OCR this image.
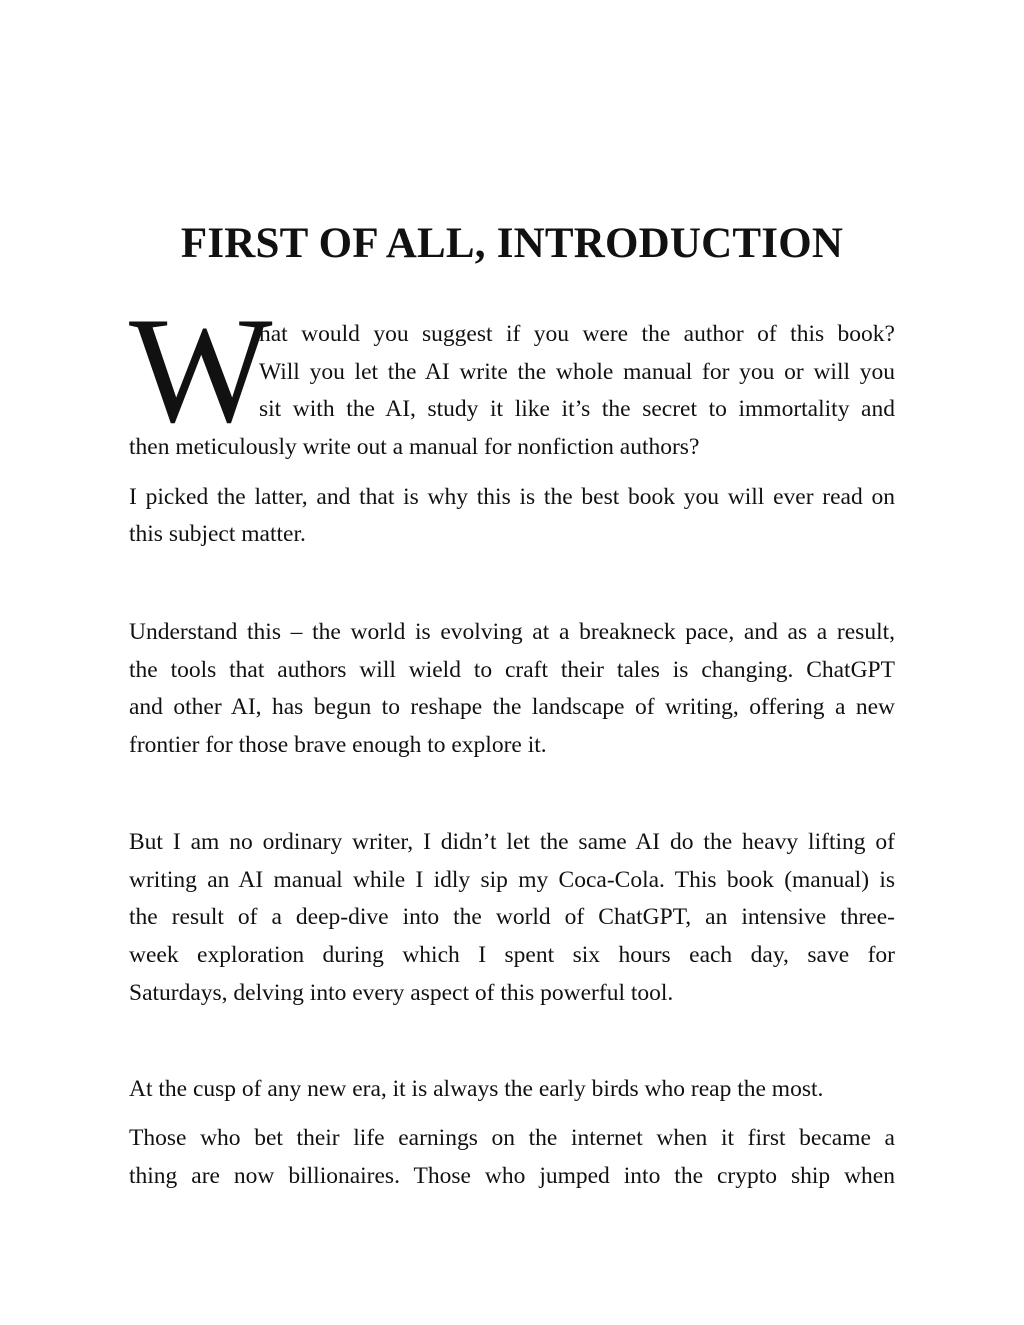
FIRST OF ALL, INTRODUCTION
W

hat would you suggest if you were the author of this book?

Will you let the AI write the whole manual for you or will you

sit with the AI, study it like it’s the secret to immortality and

then meticulously write out a manual for nonfiction authors?

I picked the latter, and that is why this is the best book you will ever read on

this subject matter.

Understand this – the world is evolving at a breakneck pace, and as a result,

the tools that authors will wield to craft their tales is changing. ChatGPT

and other AI, has begun to reshape the landscape of writing, offering a new

frontier for those brave enough to explore it.

But I am no ordinary writer, I didn’t let the same AI do the heavy lifting of

writing an AI manual while I idly sip my Coca-Cola. This book (manual) is

the result of a deep-dive into the world of ChatGPT, an intensive three-

week exploration during which I spent six hours each day, save for

Saturdays, delving into every aspect of this powerful tool.

At the cusp of any new era, it is always the early birds who reap the most.

Those who bet their life earnings on the internet when it first became a

thing are now billionaires. Those who jumped into the crypto ship when
